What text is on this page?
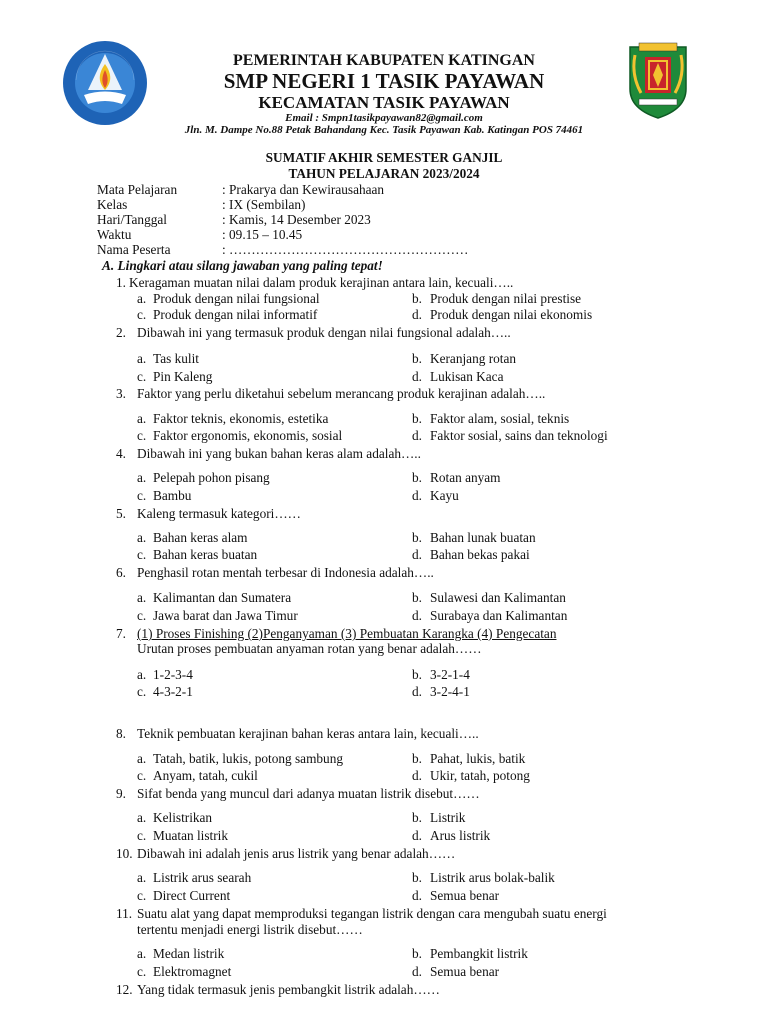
PEMERINTAH KABUPATEN KATINGAN
SMP NEGERI 1 TASIK PAYAWAN
KECAMATAN TASIK PAYAWAN
Email : Smpn1tasikpayawan82@gmail.com
Jln. M. Dampe No.88 Petak Bahandang Kec. Tasik Payawan Kab. Katingan POS 74461
SUMATIF AKHIR SEMESTER GANJIL
TAHUN PELAJARAN 2023/2024
Mata Pelajaran	: Prakarya dan Kewirausahaan
Kelas	: IX (Sembilan)
Hari/Tanggal	: Kamis, 14 Desember 2023
Waktu	: 09.15 – 10.45
Nama Peserta	: ………………………………………………
A. Lingkari atau silang jawaban yang paling tepat!
1. Keragaman muatan nilai dalam produk kerajinan antara lain, kecuali…..
a. Produk dengan nilai fungsional	b. Produk dengan nilai prestise
c. Produk dengan nilai informatif	d. Produk dengan nilai ekonomis
2. Dibawah ini yang termasuk produk dengan nilai fungsional adalah…..
a. Tas kulit	b. Keranjang rotan
c. Pin Kaleng	d. Lukisan Kaca
3. Faktor yang perlu diketahui sebelum merancang produk kerajinan adalah…..
a. Faktor teknis, ekonomis, estetika	b. Faktor alam, sosial, teknis
c. Faktor ergonomis, ekonomis, sosial	d. Faktor sosial, sains dan teknologi
4. Dibawah ini yang bukan bahan keras alam adalah…..
a. Pelepah pohon pisang	b. Rotan anyam
c. Bambu	d. Kayu
5. Kaleng termasuk kategori……
a. Bahan keras alam	b. Bahan lunak buatan
c. Bahan keras buatan	d. Bahan bekas pakai
6. Penghasil rotan mentah terbesar di Indonesia adalah…..
a. Kalimantan dan Sumatera	b. Sulawesi dan Kalimantan
c. Jawa barat dan Jawa Timur	d. Surabaya dan Kalimantan
7. (1) Proses Finishing (2)Penganyaman (3) Pembuatan Karangka (4) Pengecatan
Urutan proses pembuatan anyaman rotan yang benar adalah……
a. 1-2-3-4	b. 3-2-1-4
c. 4-3-2-1	d. 3-2-4-1
8. Teknik pembuatan kerajinan bahan keras antara lain, kecuali…..
a. Tatah, batik, lukis, potong sambung	b. Pahat, lukis, batik
c. Anyam, tatah, cukil	d. Ukir, tatah, potong
9. Sifat benda yang muncul dari adanya muatan listrik disebut……
a. Kelistrikan	b. Listrik
c. Muatan listrik	d. Arus listrik
10. Dibawah ini adalah jenis arus listrik yang benar adalah……
a. Listrik arus searah	b. Listrik arus bolak-balik
c. Direct Current	d. Semua benar
11. Suatu alat yang dapat memproduksi tegangan listrik dengan cara mengubah suatu energi
tertentu menjadi energi listrik disebut……
a. Medan listrik	b. Pembangkit listrik
c. Elektromagnet	d. Semua benar
12. Yang tidak termasuk jenis pembangkit listrik adalah……
